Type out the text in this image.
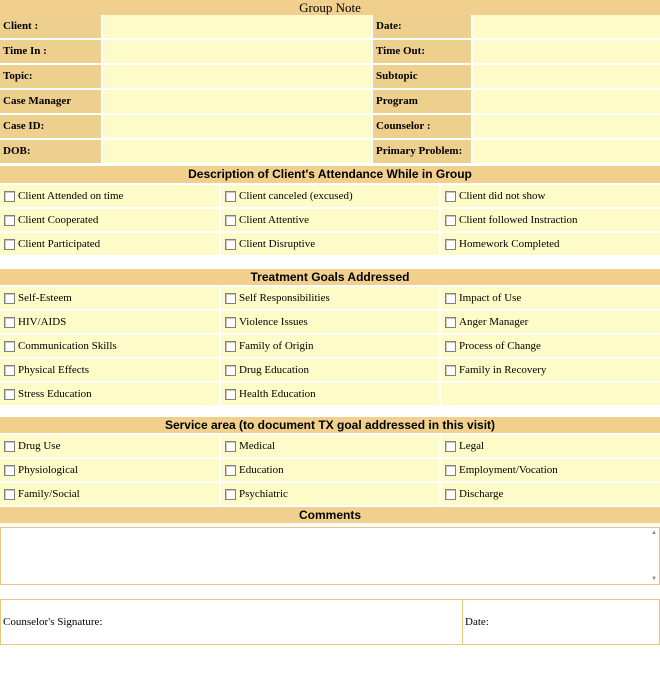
Group Note
Client :	Date:
Time In :	Time Out:
Topic:	Subtopic
Case Manager	Program
Case ID:	Counselor :
DOB:	Primary Problem:
Description of Client's Attendance While in Group
Client Attended on time	Client canceled (excused)	Client did not show
Client Cooperated	Client Attentive	Client followed Instraction
Client Participated	Client Disruptive	Homework Completed
Treatment Goals Addressed
Self-Esteem	Self Responsibilities	Impact of Use
HIV/AIDS	Violence Issues	Anger Manager
Communication Skills	Family of Origin	Process of Change
Physical Effects	Drug Education	Family in Recovery
Stress Education	Health Education
Service area (to document TX goal addressed in this visit)
Drug Use	Medical	Legal
Physiological	Education	Employment/Vocation
Family/Social	Psychiatric	Discharge
Comments
▲
▼
Counselor's Signature:	Date:
